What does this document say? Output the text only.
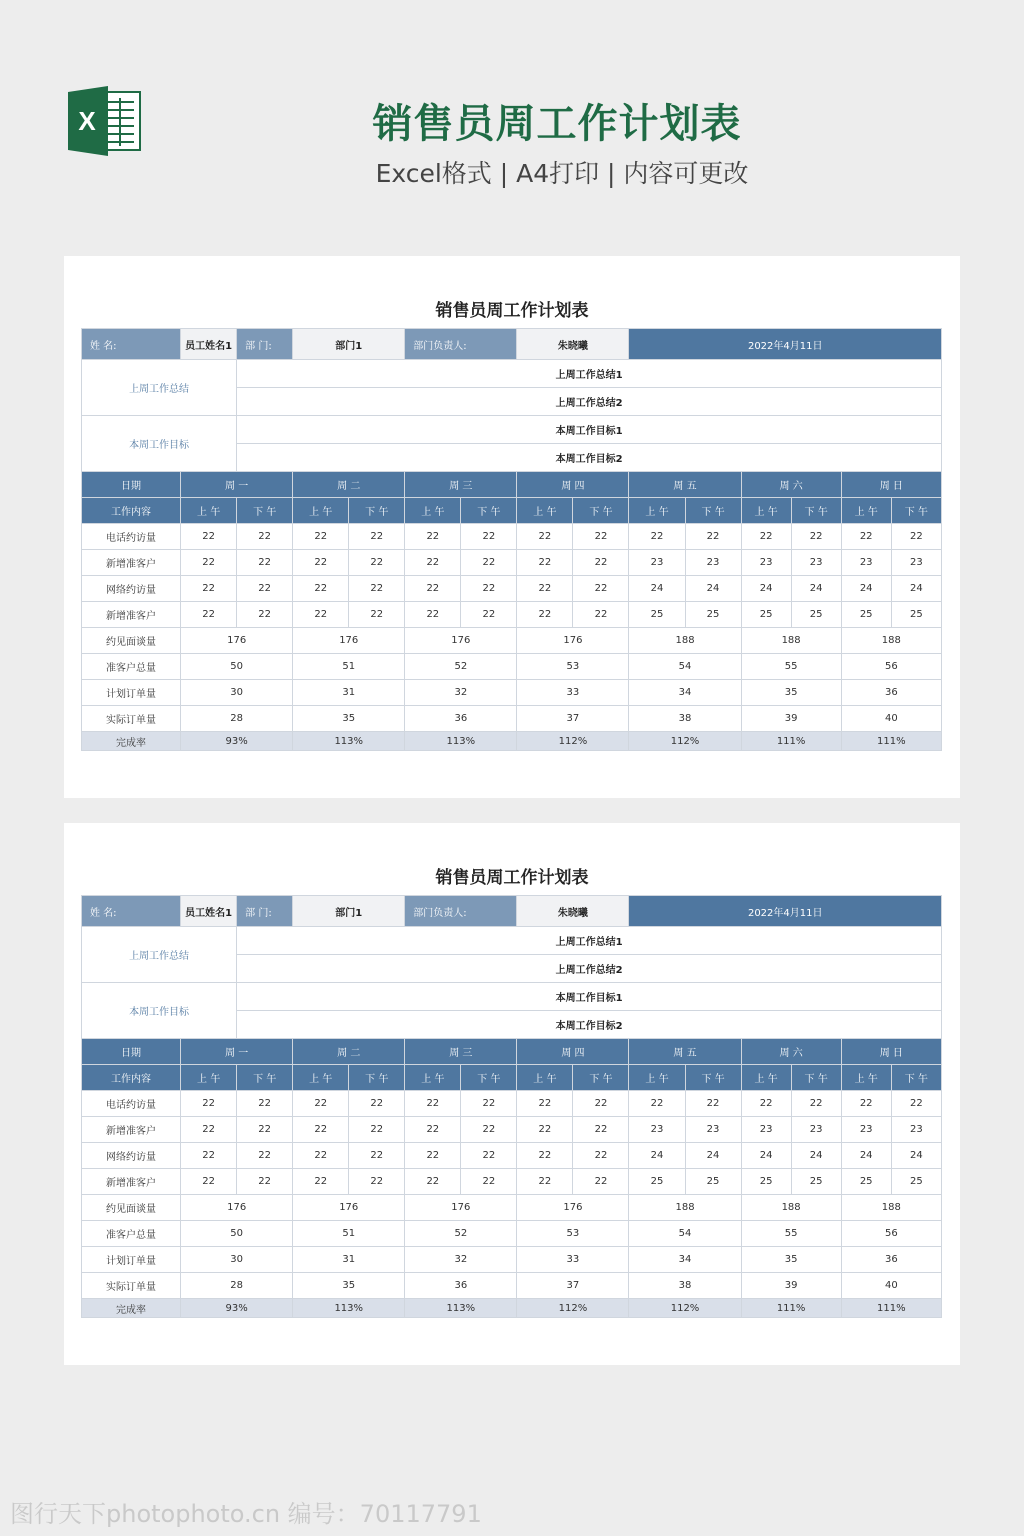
X	销售员周工作计划表
Excel格式 | A4打印 | 内容可更改
销售员周工作计划表
姓 名:	员工姓名1	部 门:	部门1		部门负责人:		朱晓曦		2022年4月11日					
上周工作总结		上周工作总结1												
		上周工作总结2												
本周工作目标		本周工作目标1												
		本周工作目标2												
日期	周 一		周 二		周 三		周 四		周 五		周 六		周 日	
工作内容	上 午	下 午	上 午	下 午	上 午	下 午	上 午	下 午	上 午	下 午	上 午	下 午	上 午	下 午
电话约访量	22	22	22	22	22	22	22	22	22	22	22	22	22	22
新增准客户	22	22	22	22	22	22	22	22	23	23	23	23	23	23
网络约访量	22	22	22	22	22	22	22	22	24	24	24	24	24	24
新增准客户	22	22	22	22	22	22	22	22	25	25	25	25	25	25
约见面谈量	176		176		176		176		188		188		188	
准客户总量	50		51		52		53		54		55		56	
计划订单量	30		31		32		33		34		35		36	
实际订单量	28		35		36		37		38		39		40	
完成率	93%		113%		113%		112%		112%		111%		111%	
销售员周工作计划表
姓 名:	员工姓名1	部 门:	部门1		部门负责人:		朱晓曦		2022年4月11日					
上周工作总结		上周工作总结1												
		上周工作总结2												
本周工作目标		本周工作目标1												
		本周工作目标2												
日期	周 一		周 二		周 三		周 四		周 五		周 六		周 日	
工作内容	上 午	下 午	上 午	下 午	上 午	下 午	上 午	下 午	上 午	下 午	上 午	下 午	上 午	下 午
电话约访量	22	22	22	22	22	22	22	22	22	22	22	22	22	22
新增准客户	22	22	22	22	22	22	22	22	23	23	23	23	23	23
网络约访量	22	22	22	22	22	22	22	22	24	24	24	24	24	24
新增准客户	22	22	22	22	22	22	22	22	25	25	25	25	25	25
约见面谈量	176		176		176		176		188		188		188	
准客户总量	50		51		52		53		54		55		56	
计划订单量	30		31		32		33		34		35		36	
实际订单量	28		35		36		37		38		39		40	
完成率	93%		113%		113%		112%		112%		111%		111%	
图行天下photophoto.cn 编号：70117791
